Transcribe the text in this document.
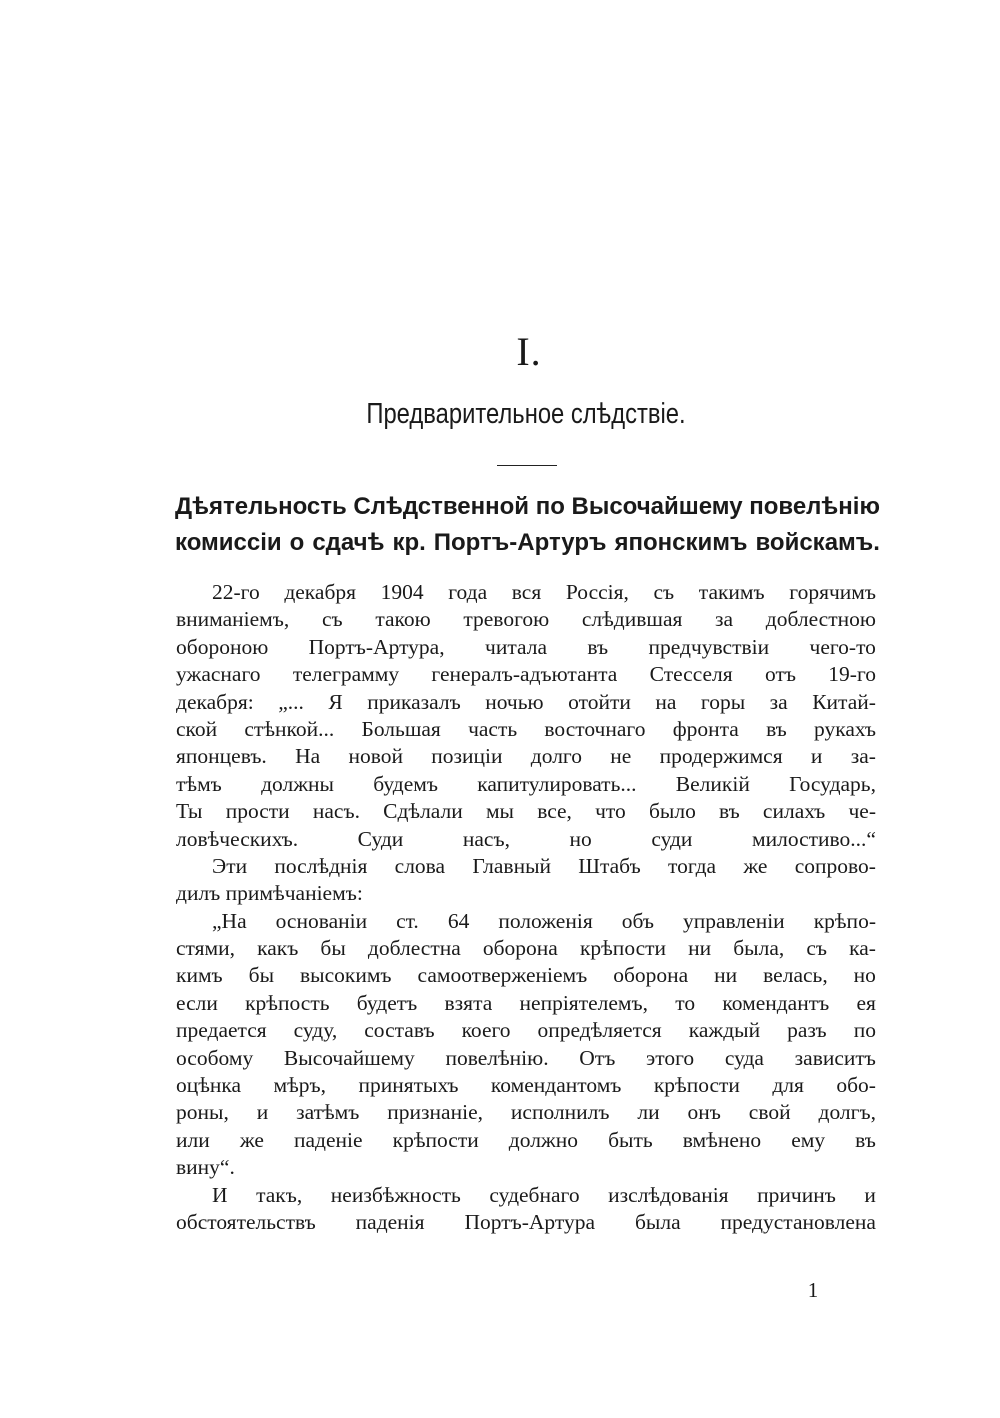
I.
Предварительное слѣдствіе.
Дѣятельность Слѣдственной по Высочайшему повелѣнію
комиссіи о сдачѣ кр. Портъ-Артуръ японскимъ войскамъ.
22-го декабря 1904 года вся Россія, съ такимъ горячимъ
вниманіемъ, съ такою тревогою слѣдившая за доблестною
обороною Портъ-Артура, читала въ предчувствіи чего-то
ужаснаго телеграмму генералъ-адъютанта Стесселя отъ 19-го
декабря: „... Я приказалъ ночью отойти на горы за Китай-
ской стѣнкой... Большая часть восточнаго фронта въ рукахъ
японцевъ. На новой позиціи долго не продержимся и за-
тѣмъ должны будемъ капитулировать... Великій Государь,
Ты прости насъ. Сдѣлали мы все, что было въ силахъ че-
ловѣческихъ.	Суди	насъ,	но	суди	милостиво...“
Эти послѣднія слова Главный Штабъ тогда же сопрово-
дилъ
примѣчаніемъ:

„На основаніи ст. 64 положенія объ управленіи крѣпо-
стями, какъ бы доблестна оборона крѣпости ни была, съ ка-
кимъ бы высокимъ самоотверженіемъ оборона ни велась, но
если крѣпость будетъ взята непріятелемъ, то комендантъ ея
предается суду, составъ коего опредѣляется каждый разъ по
особому Высочайшему повелѣнію. Отъ этого суда зависитъ
оцѣнка мѣръ, принятыхъ комендантомъ крѣпости для обо-
роны, и затѣмъ признаніе, исполнилъ ли онъ свой долгъ,
или же паденіе крѣпости должно быть вмѣнено ему въ
вину“.

И такъ, неизбѣжность судебнаго изслѣдованія причинъ и
обстоятельствъ паденія Портъ-Артура была предустановлена
1
